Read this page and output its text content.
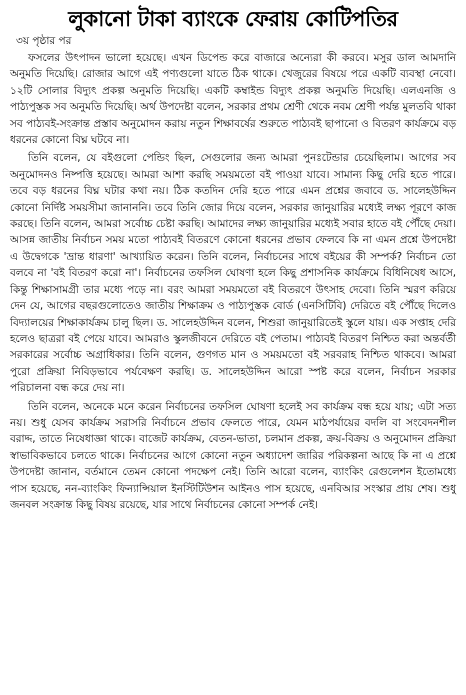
লুকানো টাকা ব্যাংকে ফেরায় কোটিপতির
৩য় পৃষ্ঠার পর

ফসলের উৎপাদন ভালো হয়েছে। এখন ডিপেন্ড করে বাজারে অন্যেরা কী করবে। মসুর ডাল আমদানি অনুমতি দিয়েছি। রোজার আগে এই পণ্যগুলো যাতে ঠিক থাকে। খেজুরের বিষয়ে পরে একটি ব্যবস্থা নেবো। ১২টি সোলার বিদ্যুৎ প্রকল্প অনুমতি দিয়েছি। একটি কম্বাইন্ড বিদ্যুৎ প্রকল্প অনুমতি দিয়েছি। এলএনজি ও পাঠ্যপুস্তক সব অনুমতি দিয়েছি। অর্থ উপদেষ্টা বলেন, সরকার প্রথম শ্রেণী থেকে নবম শ্রেণী পর্যন্ত মুলতবি থাকা সব পাঠ্যবই-সংক্রান্ত প্রস্তাব অনুমোদন করায় নতুন শিক্ষাবর্ষের শুরুতে পাঠ্যবই ছাপানো ও বিতরণ কার্যক্রমে বড় ধরনের কোনো বিঘ্ন ঘটবে না।

তিনি বলেন, যে বইগুলো পেন্ডিং ছিল, সেগুলোর জন্য আমরা পুনঃটেন্ডার চেয়েছিলাম। আগের সব অনুমোদনও নিষ্পত্তি হয়েছে। আমরা আশা করছি সময়মতো বই পাওয়া যাবে। সামান্য কিছু দেরি হতে পারে। তবে বড় ধরনের বিঘ্ন ঘটার কথা নয়। ঠিক কতদিন দেরি হতে পারে এমন প্রশ্নের জবাবে ড. সালেহউদ্দিন কোনো নির্দিষ্ট সময়সীমা জানাননি। তবে তিনি জোর দিয়ে বলেন, সরকার জানুয়ারির মধ্যেই লক্ষ্য পূরণে কাজ করছে। তিনি বলেন, আমরা সর্বোচ্চ চেষ্টা করছি। আমাদের লক্ষ্য জানুয়ারির মধ্যেই সবার হাতে বই পৌঁছে দেয়া। আসন্ন জাতীয় নির্বাচন সময় মতো পাঠ্যবই বিতরণে কোনো ধরনের প্রভাব ফেলবে কি না এমন প্রশ্নে উপদেষ্টা এ উদ্বেগকে 'ভ্রান্ত ধারণা' আখ্যায়িত করেন। তিনি বলেন, নির্বাচনের সাথে বইয়ের কী সম্পর্ক? নির্বাচন তো বলবে না 'বই বিতরণ করো না'। নির্বাচনের তফসিল ঘোষণা হলে কিছু প্রশাসনিক কার্যক্রমে বিধিনিষেধ আসে, কিন্তু শিক্ষাসামগ্রী তার মধ্যে পড়ে না। বরং আমরা সময়মতো বই বিতরণে উৎসাহ দেবো। তিনি স্মরণ করিয়ে দেন যে, আগের বছরগুলোতেও জাতীয় শিক্ষাক্রম ও পাঠ্যপুস্তক বোর্ড (এনসিটিবি) দেরিতে বই পৌঁছে দিলেও বিদ্যালয়ের শিক্ষাকার্যক্রম চালু ছিল। ড. সালেহউদ্দিন বলেন, শিশুরা জানুয়ারিতেই স্কুলে যায়। এক সপ্তাহ দেরি হলেও ছাত্ররা বই পেয়ে যাবে। আমরাও স্কুলজীবনে দেরিতে বই পেতাম। পাঠ্যবই বিতরণ নিশ্চিত করা অন্তর্বর্তী সরকারের সর্বোচ্চ অগ্রাধিকার। তিনি বলেন, গুণগত মান ও সময়মতো বই সরবরাহ নিশ্চিত থাকবে। আমরা পুরো প্রক্রিয়া নিবিড়ভাবে পর্যবেক্ষণ করছি। ড. সালেহউদ্দিন আরো স্পষ্ট করে বলেন, নির্বাচন সরকার পরিচালনা বন্ধ করে দেয় না।

তিনি বলেন, অনেকে মনে করেন নির্বাচনের তফসিল ঘোষণা হলেই সব কার্যক্রম বন্ধ হয়ে যায়; এটা সত্য নয়। শুধু যেসব কার্যক্রম সরাসরি নির্বাচনে প্রভাব ফেলতে পারে, যেমন মাঠপর্যায়ের বদলি বা সংবেদনশীল বরাদ্দ, তাতে নিষেধাজ্ঞা থাকে। বাজেট কার্যক্রম, বেতন-ভাতা, চলমান প্রকল্প, ক্রয়-বিক্রয় ও অনুমোদন প্রক্রিয়া স্বাভাবিকভাবে চলতে থাকে। নির্বাচনের আগে কোনো নতুন অধ্যাদেশ জারির পরিকল্পনা আছে কি না এ প্রশ্নে উপদেষ্টা জানান, বর্তমানে তেমন কোনো পদক্ষেপ নেই। তিনি আরো বলেন, ব্যাংকিং রেগুলেশন ইতোমধ্যে পাস হয়েছে, নন-ব্যাংকিং ফিন্যান্সিয়াল ইনস্টিটিউশন আইনও পাস হয়েছে, এনবিআর সংস্কার প্রায় শেষ। শুধু জনবল সংক্রান্ত কিছু বিষয় রয়েছে, যার সাথে নির্বাচনের কোনো সম্পর্ক নেই।
